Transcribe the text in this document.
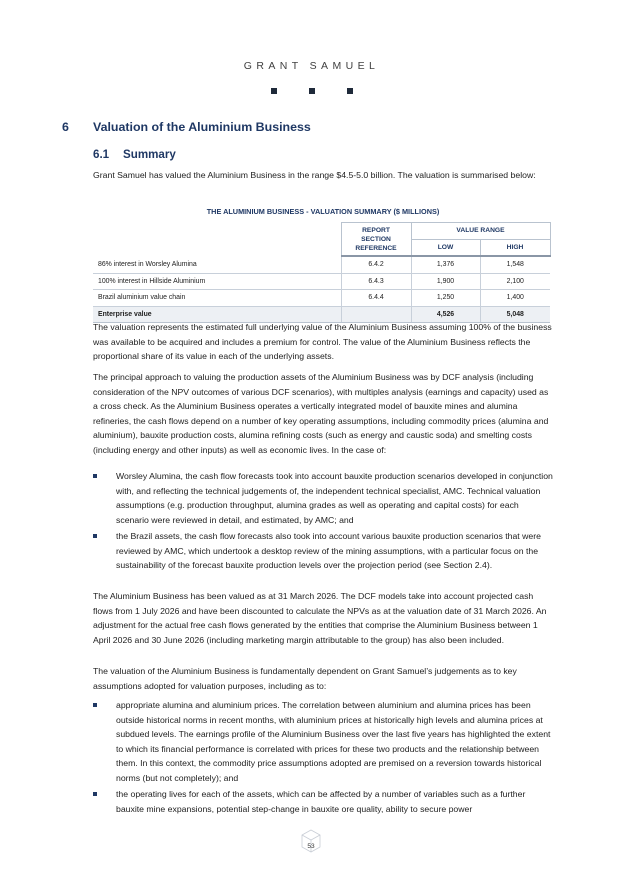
GRANT SAMUEL
6	Valuation of the Aluminium Business
6.1	Summary
Grant Samuel has valued the Aluminium Business in the range $4.5-5.0 billion. The valuation is summarised below:
THE ALUMINIUM BUSINESS - VALUATION SUMMARY ($ MILLIONS)
	REPORT SECTION REFERENCE	VALUE RANGE	
		LOW	HIGH
86% interest in Worsley Alumina	6.4.2	1,376	1,548
100% interest in Hillside Aluminium	6.4.3	1,900	2,100
Brazil aluminium value chain	6.4.4	1,250	1,400
Enterprise value		4,526	5,048
The valuation represents the estimated full underlying value of the Aluminium Business assuming 100% of the business was available to be acquired and includes a premium for control. The value of the Aluminium Business reflects the proportional share of its value in each of the underlying assets.
The principal approach to valuing the production assets of the Aluminium Business was by DCF analysis (including consideration of the NPV outcomes of various DCF scenarios), with multiples analysis (earnings and capacity) used as a cross check. As the Aluminium Business operates a vertically integrated model of bauxite mines and alumina refineries, the cash flows depend on a number of key operating assumptions, including commodity prices (alumina and aluminium), bauxite production costs, alumina refining costs (such as energy and caustic soda) and smelting costs (including energy and other inputs) as well as economic lives. In the case of:
Worsley Alumina, the cash flow forecasts took into account bauxite production scenarios developed in conjunction with, and reflecting the technical judgements of, the independent technical specialist, AMC. Technical valuation assumptions (e.g. production throughput, alumina grades as well as operating and capital costs) for each scenario were reviewed in detail, and estimated, by AMC; and
the Brazil assets, the cash flow forecasts also took into account various bauxite production scenarios that were reviewed by AMC, which undertook a desktop review of the mining assumptions, with a particular focus on the sustainability of the forecast bauxite production levels over the projection period (see Section 2.4).
The Aluminium Business has been valued as at 31 March 2026. The DCF models take into account projected cash flows from 1 July 2026 and have been discounted to calculate the NPVs as at the valuation date of 31 March 2026. An adjustment for the actual free cash flows generated by the entities that comprise the Aluminium Business between 1 April 2026 and 30 June 2026 (including marketing margin attributable to the group) has also been included.
The valuation of the Aluminium Business is fundamentally dependent on Grant Samuel’s judgements as to key assumptions adopted for valuation purposes, including as to:
appropriate alumina and aluminium prices. The correlation between aluminium and alumina prices has been outside historical norms in recent months, with aluminium prices at historically high levels and alumina prices at subdued levels. The earnings profile of the Aluminium Business over the last five years has highlighted the extent to which its financial performance is correlated with prices for these two products and the relationship between them. In this context, the commodity price assumptions adopted are premised on a reversion towards historical norms (but not completely); and
the operating lives for each of the assets, which can be affected by a number of variables such as a further bauxite mine expansions, potential step-change in bauxite ore quality, ability to secure power
53
